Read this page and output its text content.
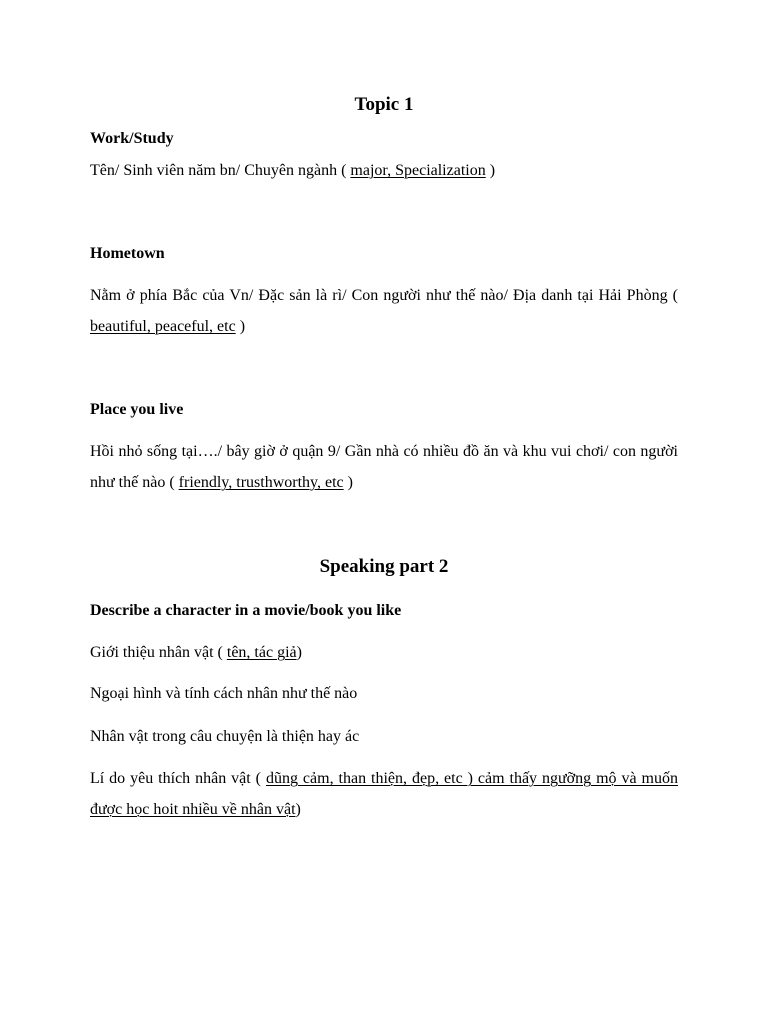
Topic 1
Work/Study

Tên/ Sinh viên năm bn/ Chuyên ngành ( major, Specialization )

Hometown

Nằm ở phía Bắc của Vn/ Đặc sản là rì/ Con người như thế nào/ Địa danh tại Hải Phòng ( beautiful, peaceful, etc )

Place you live

Hồi nhỏ sống tại…./ bây giờ ở quận 9/ Gần nhà có nhiều đồ ăn và khu vui chơi/ con người như thế nào ( friendly, trusthworthy, etc )

Speaking part 2
Describe a character in a movie/book you like

Giới thiệu nhân vật ( tên, tác giả)

Ngoại hình và tính cách nhân như thế nào

Nhân vật trong câu chuyện là thiện hay ác

Lí do yêu thích nhân vật ( dũng cảm, than thiện, đẹp, etc ) cảm thấy ngưỡng mộ và muốn được học hoit nhiều về nhân vật)
